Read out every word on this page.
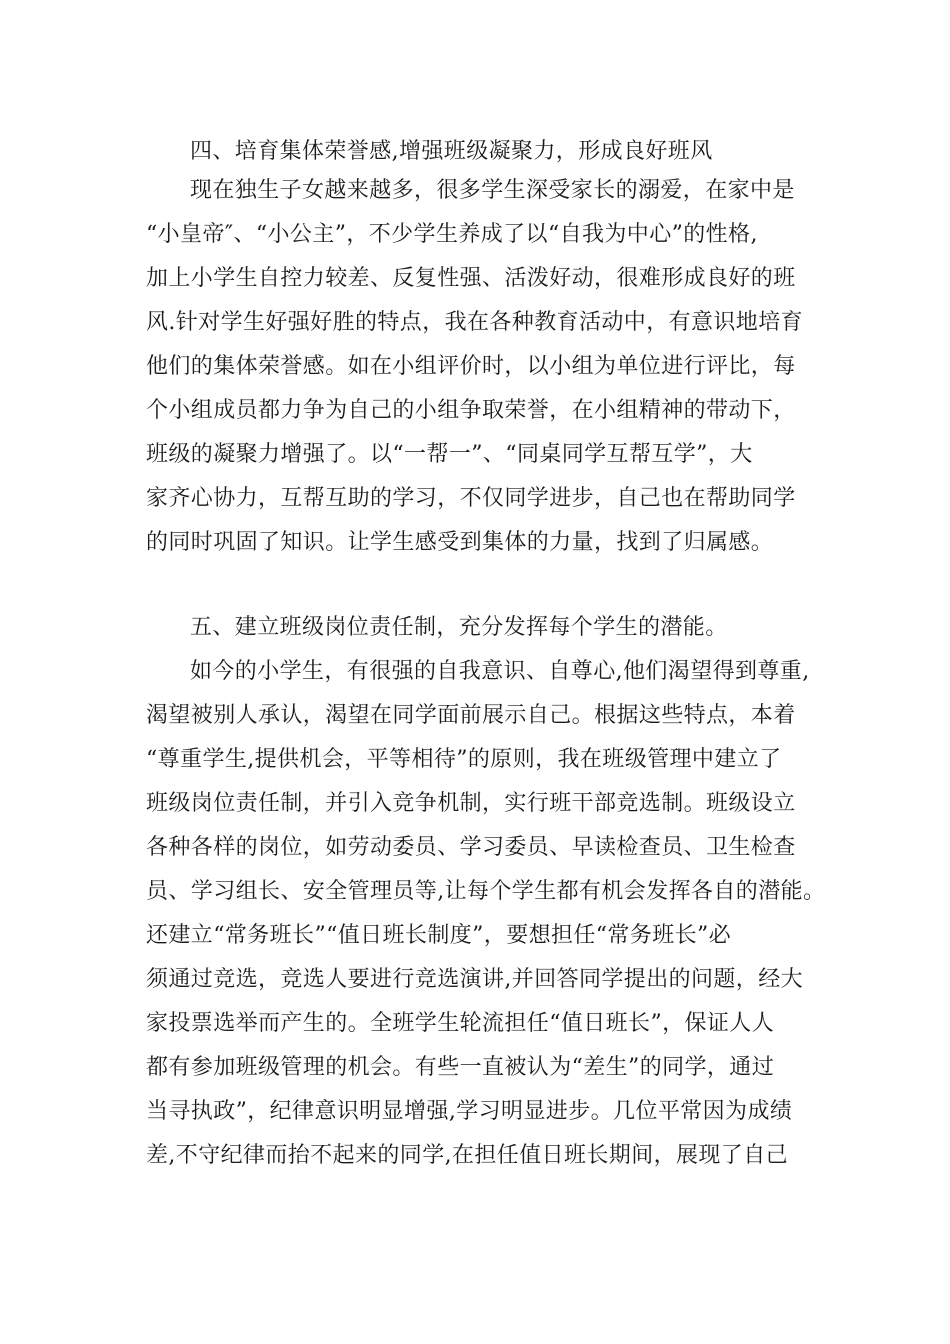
四、培育集体荣誉感,增强班级凝聚力，形成良好班风
现在独生子女越来越多，很多学生深受家长的溺爱，在家中是
“小皇帝″、“小公主”，不少学生养成了以“自我为中心”的性格,
加上小学生自控力较差、反复性强、活泼好动，很难形成良好的班
风.针对学生好强好胜的特点，我在各种教育活动中，有意识地培育
他们的集体荣誉感。如在小组评价时，以小组为单位进行评比，每
个小组成员都力争为自己的小组争取荣誉，在小组精神的带动下，
班级的凝聚力增强了。以“一帮一”、“同桌同学互帮互学”，大
家齐心协力，互帮互助的学习，不仅同学进步，自己也在帮助同学
的同时巩固了知识。让学生感受到集体的力量，找到了归属感。
五、建立班级岗位责任制，充分发挥每个学生的潜能。
如今的小学生，有很强的自我意识、自尊心,他们渴望得到尊重,
渴望被别人承认，渴望在同学面前展示自己。根据这些特点，本着
“尊重学生,提供机会，平等相待”的原则，我在班级管理中建立了
班级岗位责任制，并引入竞争机制，实行班干部竞选制。班级设立
各种各样的岗位，如劳动委员、学习委员、早读检查员、卫生检查
员、学习组长、安全管理员等,让每个学生都有机会发挥各自的潜能。
还建立“常务班长”“值日班长制度”，要想担任“常务班长”必
须通过竞选，竞选人要进行竞选演讲,并回答同学提出的问题，经大
家投票选举而产生的。全班学生轮流担任“值日班长”，保证人人
都有参加班级管理的机会。有些一直被认为“差生”的同学，通过
当寻执政”，纪律意识明显增强,学习明显进步。几位平常因为成绩
差,不守纪律而抬不起来的同学,在担任值日班长期间，展现了自己
